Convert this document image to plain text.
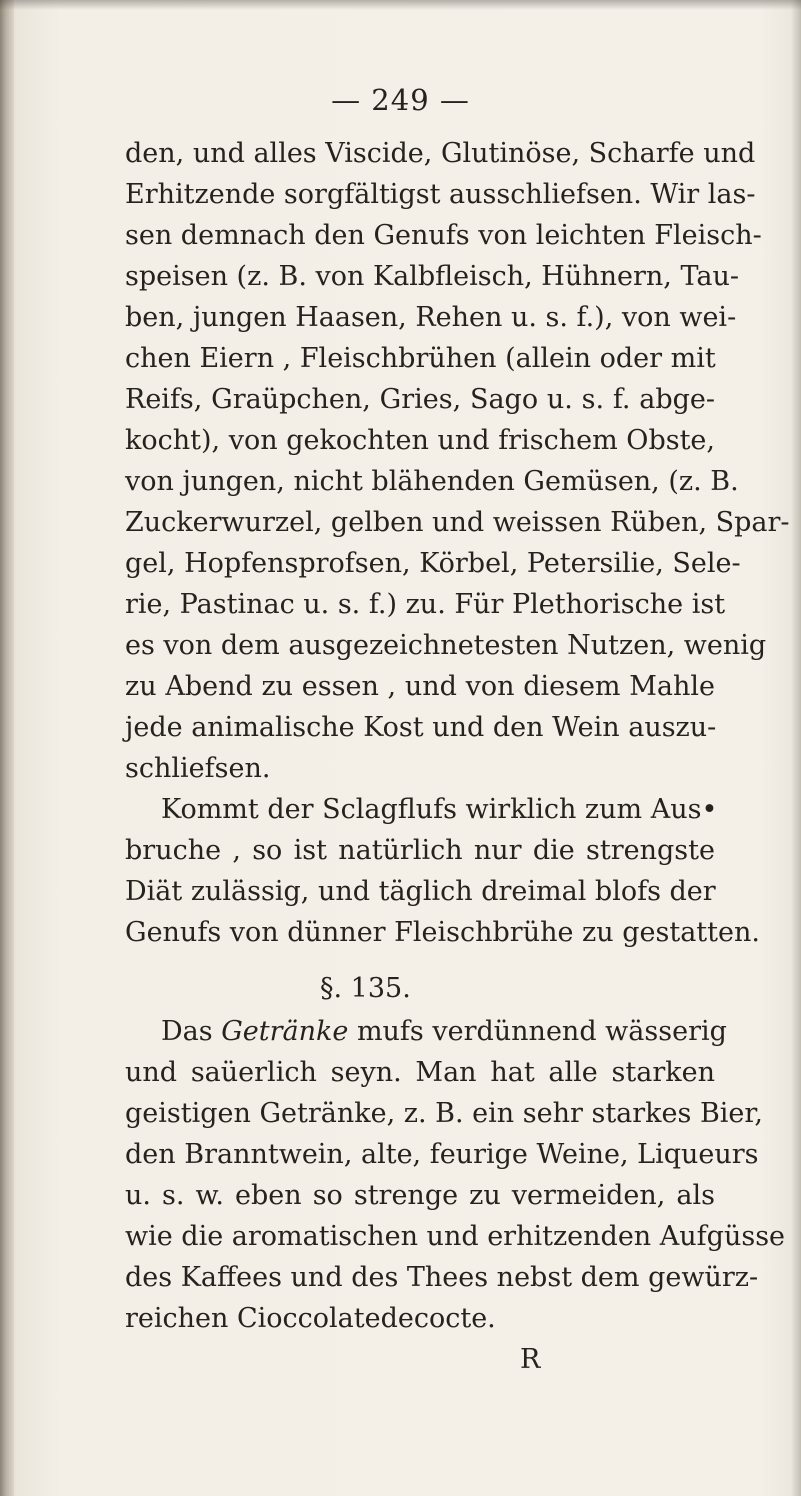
— 249 —
den, und alles Viscide, Glutinöse, Scharfe und
Erhitzende sorgfältigst ausschliefsen. Wir las-
sen demnach den Genufs von leichten Fleisch-
speisen (z. B. von Kalbfleisch, Hühnern, Tau-
ben, jungen Haasen, Rehen u. s. f.), von wei-
chen Eiern , Fleischbrühen (allein oder mit
Reifs, Graüpchen, Gries, Sago u. s. f. abge-
kocht), von gekochten und frischem Obste,
von jungen, nicht blähenden Gemüsen, (z. B.
Zuckerwurzel, gelben und weissen Rüben, Spar-
gel, Hopfensprofsen, Körbel, Petersilie, Sele-
rie, Pastinac u. s. f.) zu. Für Plethorische ist
es von dem ausgezeichnetesten Nutzen, wenig
zu Abend zu essen , und von diesem Mahle
jede animalische Kost und den Wein auszu-
schliefsen.
Kommt der Sclagflufs wirklich zum Aus•
bruche , so ist natürlich nur die strengste
Diät zulässig, und täglich dreimal blofs der
Genufs von dünner Fleischbrühe zu gestatten.
§. 135.
Das Getränke mufs verdünnend wässerig
und saüerlich seyn. Man hat alle starken
geistigen Getränke, z. B. ein sehr starkes Bier,
den Branntwein, alte, feurige Weine, Liqueurs
u. s. w. eben so strenge zu vermeiden, als
wie die aromatischen und erhitzenden Aufgüsse
des Kaffees und des Thees nebst dem gewürz-
reichen Cioccolatedecocte.
R
